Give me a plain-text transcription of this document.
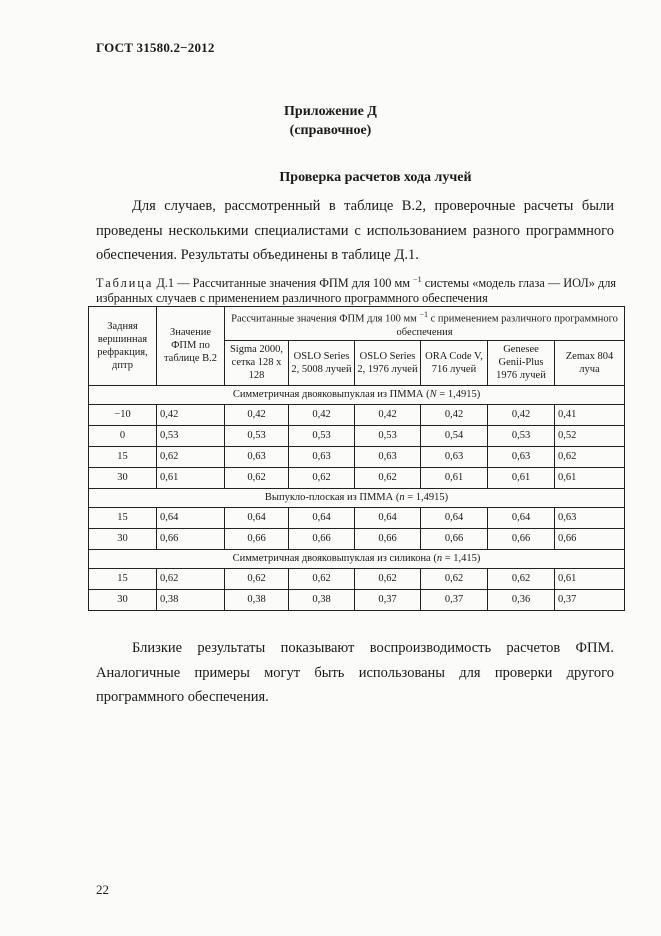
ГОСТ 31580.2−2012
Приложение Д
(справочное)
Проверка расчетов хода лучей
Для случаев, рассмотренный в таблице В.2, проверочные расчеты были проведены несколькими специалистами с использованием разного программного обеспечения. Результаты объединены в таблице Д.1.
Таблица Д.1 — Рассчитанные значения ФПМ для 100 мм $^{-1}$ системы «модель глаза — ИОЛ» для избранных случаев с применением различного программного обеспечения
Задняя вершинная рефракция, дптр	Значение ФПМ по таблице В.2	Рассчитанные значения ФПМ для 100 мм $^{-1}$ с применением различного программного обеспечения					
		Sigma 2000, сетка 128 x 128	OSLO Series 2, 5008 лучей	OSLO Series 2, 1976 лучей	ORA Code V, 716 лучей	Genesee Genii-Plus 1976 лучей	Zemax 804 луча
Симметричная двояковыпуклая из ПММА (N = 1,4915)							
−10	0,42	0,42	0,42	0,42	0,42	0,42	0,41
0	0,53	0,53	0,53	0,53	0,54	0,53	0,52
15	0,62	0,63	0,63	0,63	0,63	0,63	0,62
30	0,61	0,62	0,62	0,62	0,61	0,61	0,61
Выпукло-плоская из ПММА (n = 1,4915)							
15	0,64	0,64	0,64	0,64	0,64	0,64	0,63
30	0,66	0,66	0,66	0,66	0,66	0,66	0,66
Симметричная двояковыпуклая из силикона (n = 1,415)							
15	0,62	0,62	0,62	0,62	0,62	0,62	0,61
30	0,38	0,38	0,38	0,37	0,37	0,36	0,37
Близкие результаты показывают воспроизводимость расчетов ФПМ. Аналогичные примеры могут быть использованы для проверки другого программного обеспечения.
22
